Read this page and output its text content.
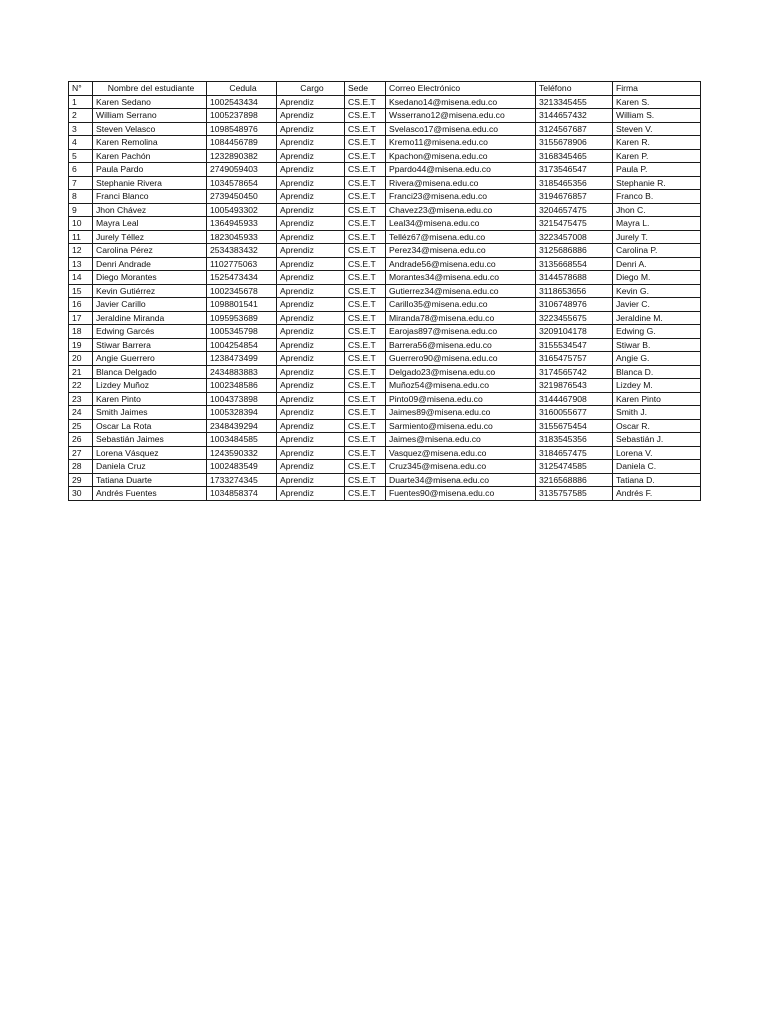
N°	Nombre del estudiante	Cedula	Cargo	Sede	Correo Electrónico	Teléfono	Firma
1	Karen Sedano	1002543434	Aprendiz	CS.E.T	Ksedano14@misena.edu.co	3213345455	Karen S.
2	William Serrano	1005237898	Aprendiz	CS.E.T	Wsserrano12@misena.edu.co	3144657432	William S.
3	Steven Velasco	1098548976	Aprendiz	CS.E.T	Svelasco17@misena.edu.co	3124567687	Steven V.
4	Karen Remolina	1084456789	Aprendiz	CS.E.T	Kremo11@misena.edu.co	3155678906	Karen R.
5	Karen Pachón	1232890382	Aprendiz	CS.E.T	Kpachon@misena.edu.co	3168345465	Karen P.
6	Paula Pardo	2749059403	Aprendiz	CS.E.T	Ppardo44@misena.edu.co	3173546547	Paula P.
7	Stephanie Rivera	1034578654	Aprendiz	CS.E.T	Rivera@misena.edu.co	3185465356	Stephanie R.
8	Franci Blanco	2739450450	Aprendiz	CS.E.T	Franci23@misena.edu.co	3194676857	Franco B.
9	Jhon Chávez	1005493302	Aprendiz	CS.E.T	Chavez23@misena.edu.co	3204657475	Jhon C.
10	Mayra Leal	1364945933	Aprendiz	CS.E.T	Leal34@misena.edu.co	3215475475	Mayra L.
11	Jurely Téllez	1823045933	Aprendiz	CS.E.T	Telléz67@misena.edu.co	3223457008	Jurely T.
12	Carolina Pérez	2534383432	Aprendiz	CS.E.T	Perez34@misena.edu.co	3125686886	Carolina P.
13	Denri Andrade	1102775063	Aprendiz	CS.E.T	Andrade56@misena.edu.co	3135668554	Denri A.
14	Diego Morantes	1525473434	Aprendiz	CS.E.T	Morantes34@misena.edu.co	3144578688	Diego M.
15	Kevin Gutiérrez	1002345678	Aprendiz	CS.E.T	Gutierrez34@misena.edu.co	3118653656	Kevin G.
16	Javier Carillo	1098801541	Aprendiz	CS.E.T	Carillo35@misena.edu.co	3106748976	Javier C.
17	Jeraldine Miranda	1095953689	Aprendiz	CS.E.T	Miranda78@misena.edu.co	3223455675	Jeraldine M.
18	Edwing Garcés	1005345798	Aprendiz	CS.E.T	Earojas897@misena.edu.co	3209104178	Edwing G.
19	Stiwar Barrera	1004254854	Aprendiz	CS.E.T	Barrera56@misena.edu.co	3155534547	Stiwar B.
20	Angie Guerrero	1238473499	Aprendiz	CS.E.T	Guerrero90@misena.edu.co	3165475757	Angie G.
21	Blanca Delgado	2434883883	Aprendiz	CS.E.T	Delgado23@misena.edu.co	3174565742	Blanca D.
22	Lizdey Muñoz	1002348586	Aprendiz	CS.E.T	Muñoz54@misena.edu.co	3219876543	Lizdey M.
23	Karen Pinto	1004373898	Aprendiz	CS.E.T	Pinto09@misena.edu.co	3144467908	Karen Pinto
24	Smith Jaimes	1005328394	Aprendiz	CS.E.T	Jaimes89@misena.edu.co	3160055677	Smith J.
25	Oscar La Rota	2348439294	Aprendiz	CS.E.T	Sarmiento@misena.edu.co	3155675454	Oscar R.
26	Sebastián Jaimes	1003484585	Aprendiz	CS.E.T	Jaimes@misena.edu.co	3183545356	Sebastián J.
27	Lorena Vásquez	1243590332	Aprendiz	CS.E.T	Vasquez@misena.edu.co	3184657475	Lorena V.
28	Daniela Cruz	1002483549	Aprendiz	CS.E.T	Cruz345@misena.edu.co	3125474585	Daniela C.
29	Tatiana Duarte	1733274345	Aprendiz	CS.E.T	Duarte34@misena.edu.co	3216568886	Tatiana D.
30	Andrés Fuentes	1034858374	Aprendiz	CS.E.T	Fuentes90@misena.edu.co	3135757585	Andrés F.
